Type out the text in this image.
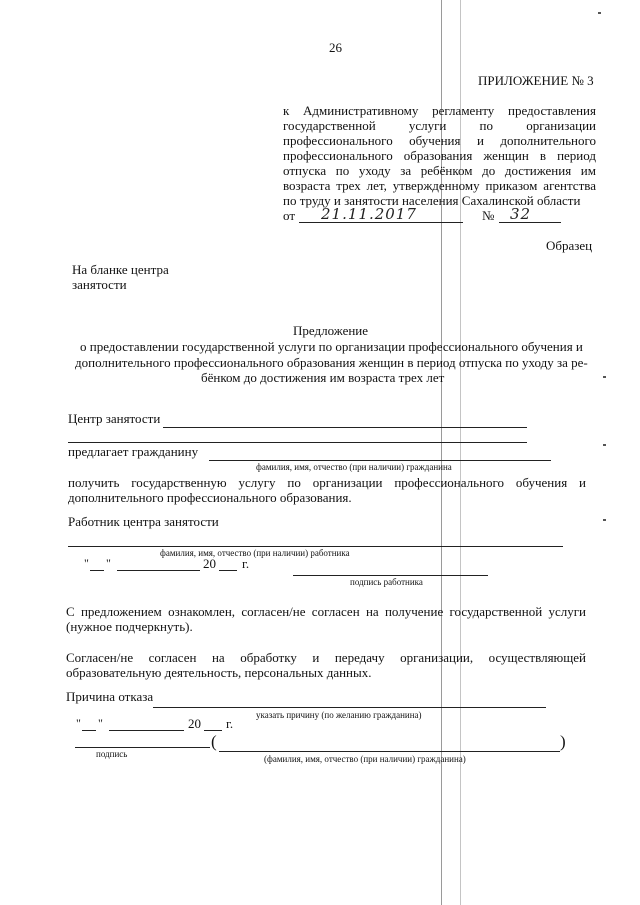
26
ПРИЛОЖЕНИЕ № 3
к Административному регламенту предоставления
государственной услуги по организации
профессионального обучения и дополнительного
профессионального образования женщин в период
отпуска по уходу за ребёнком до достижения им
возраста трех лет, утвержденному приказом агентства
по труду и занятости населения Сахалинской области
от 21.11.2017	№ 32
Образец
На бланке центра
занятости
Предложение
о предоставлении государственной услуги по организации профессионального обучения и
дополнительного профессионального образования женщин в период отпуска по уходу за ре-
бёнком до достижения им возраста трех лет
Центр занятости
предлагает гражданину
фамилия, имя, отчество (при наличии) гражданина
получить государственную услугу по организации профессионального обучения и
дополнительного профессионального образования.
Работник центра занятости
фамилия, имя, отчество (при наличии) работника
" "	20 г.
подпись работника
С предложением ознакомлен, согласен/не согласен на получение государственной услуги
(нужное подчеркнуть).
Согласен/не согласен на обработку и передачу организации, осуществляющей
образовательную деятельность, персональных данных.
Причина отказа
указать причину (по желанию гражданина)
" "	20 г.
(	)
подпись	(фамилия, имя, отчество (при наличии) гражданина)
